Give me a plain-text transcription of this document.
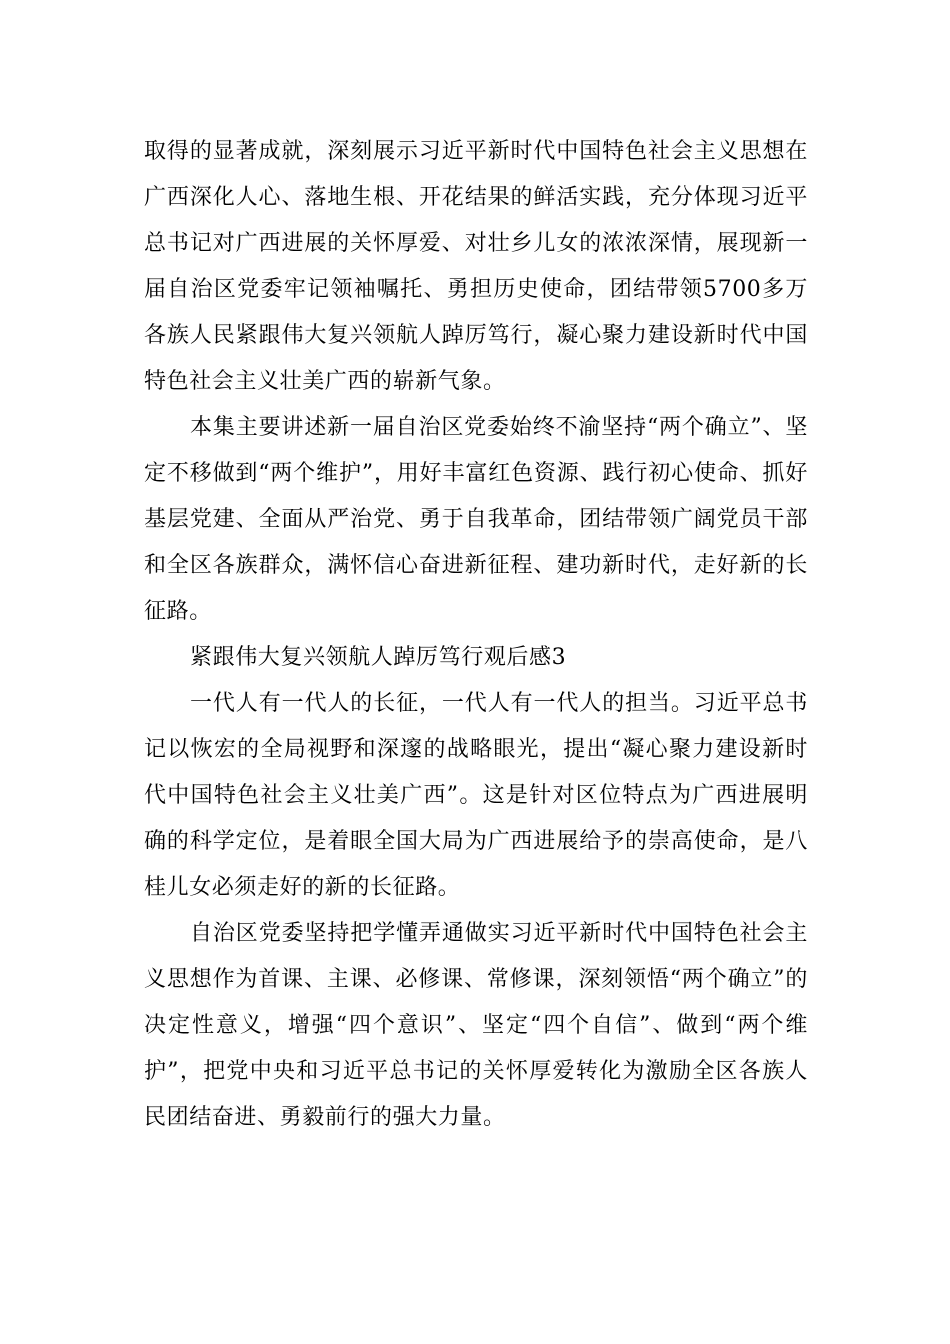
取得的显著成就，深刻展示习近平新时代中国特色社会主义思想在广西深化人心、落地生根、开花结果的鲜活实践，充分体现习近平总书记对广西进展的关怀厚爱、对壮乡儿女的浓浓深情，展现新一届自治区党委牢记领袖嘱托、勇担历史使命，团结带领5700多万各族人民紧跟伟大复兴领航人踔厉笃行，凝心聚力建设新时代中国特色社会主义壮美广西的崭新气象。

本集主要讲述新一届自治区党委始终不渝坚持“两个确立”、坚定不移做到“两个维护”，用好丰富红色资源、践行初心使命、抓好基层党建、全面从严治党、勇于自我革命，团结带领广阔党员干部和全区各族群众，满怀信心奋进新征程、建功新时代，走好新的长征路。

紧跟伟大复兴领航人踔厉笃行观后感3

一代人有一代人的长征，一代人有一代人的担当。习近平总书记以恢宏的全局视野和深邃的战略眼光，提出“凝心聚力建设新时代中国特色社会主义壮美广西”。这是针对区位特点为广西进展明确的科学定位，是着眼全国大局为广西进展给予的崇高使命，是八桂儿女必须走好的新的长征路。

自治区党委坚持把学懂弄通做实习近平新时代中国特色社会主义思想作为首课、主课、必修课、常修课，深刻领悟“两个确立”的决定性意义，增强“四个意识”、坚定“四个自信”、做到“两个维护”，把党中央和习近平总书记的关怀厚爱转化为激励全区各族人民团结奋进、勇毅前行的强大力量。
